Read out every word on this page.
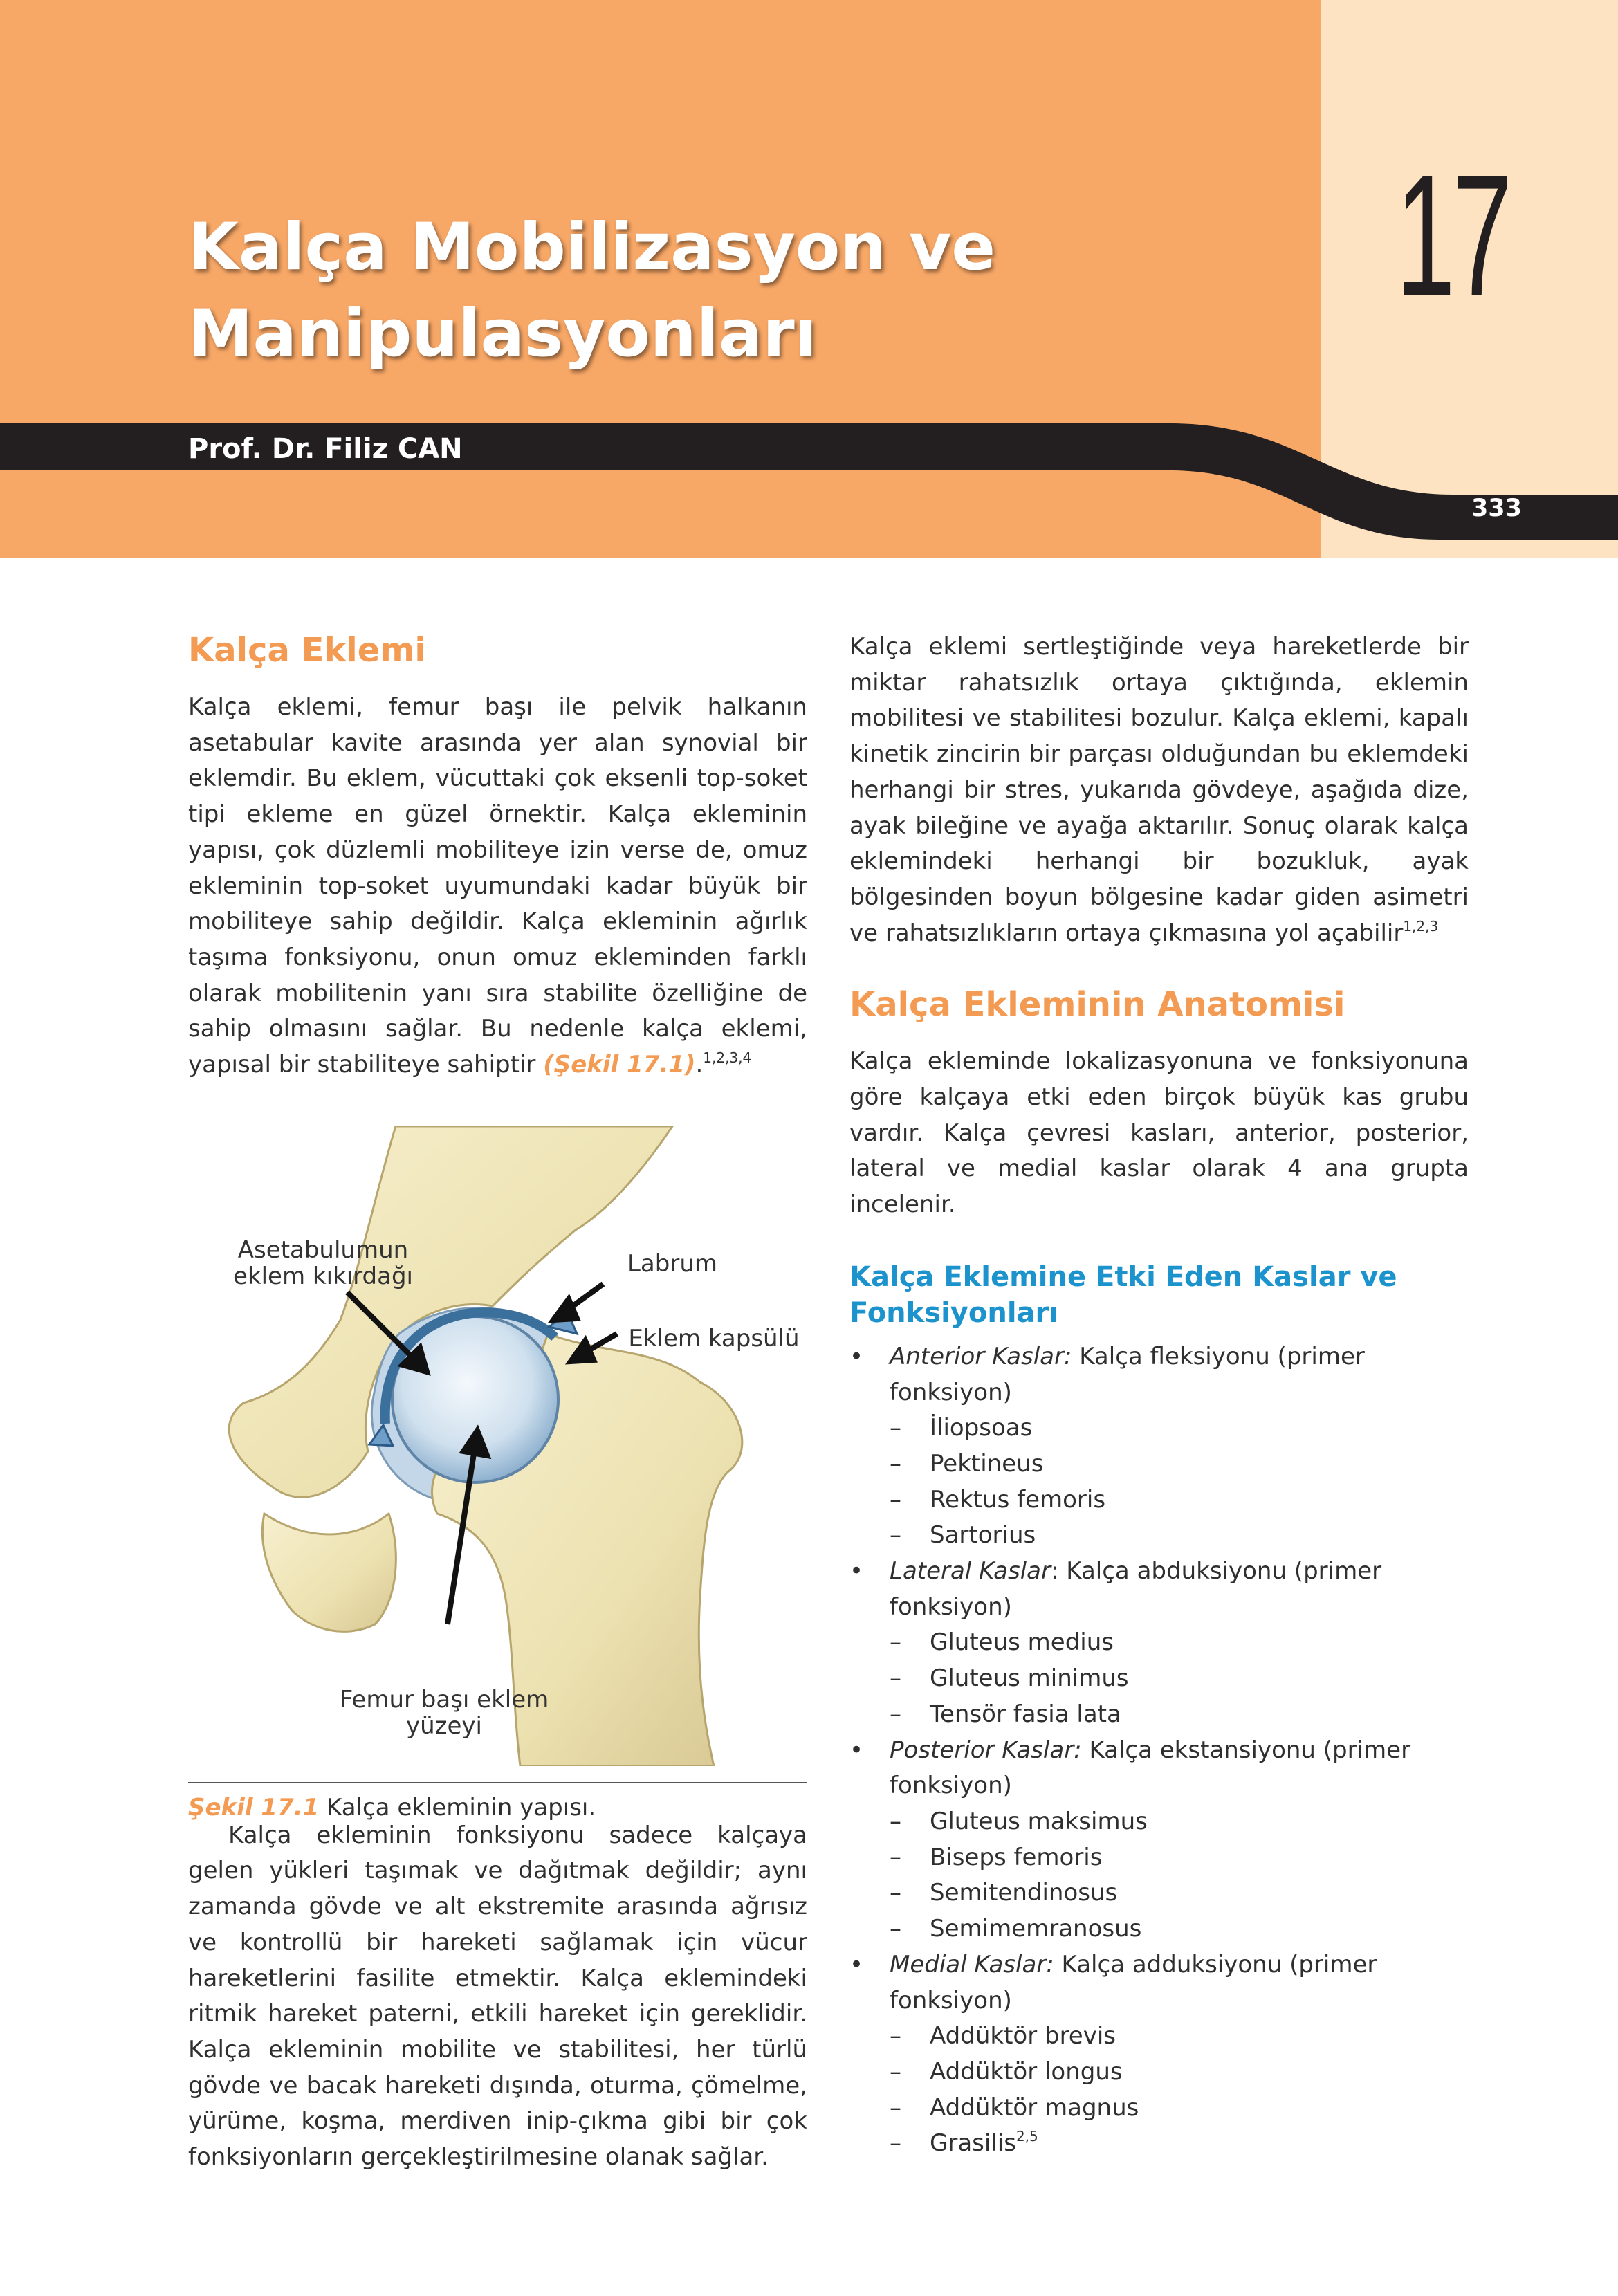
Kalça Mobilizasyon ve
Manipulasyonları
17

Prof. Dr. Filiz CAN

333
Kalça Eklemi

Kalça eklemi, femur başı ile pelvik halkanın asetabular kavite arasında yer alan synovial bir eklemdir. Bu eklem, vücuttaki çok eksenli top-soket tipi ekleme en güzel örnektir. Kalça ekleminin yapısı, çok düzlemli mobiliteye izin verse de, omuz ekleminin top-soket uyumundaki kadar büyük bir mobiliteye sahip değildir. Kalça ekleminin ağırlık taşıma fonksiyonu, onun omuz ekleminden farklı olarak mobilitenin yanı sıra stabilite özelliğine de sahip olmasını sağlar. Bu nedenle kalça eklemi, yapısal bir stabiliteye sahiptir (Şekil 17.1).$^{1,2,3,4}$

Asetabulumun
eklem kıkırdağı	Labrum

Eklem kapsülü

Femur başı eklem
yüzeyi

Şekil 17.1 Kalça ekleminin yapısı.

Kalça ekleminin fonksiyonu sadece kalçaya gelen yükleri taşımak ve dağıtmak değildir; aynı zamanda gövde ve alt ekstremite arasında ağrısız ve kontrollü bir hareketi sağlamak için vücur hareketlerini fasilite etmektir. Kalça eklemindeki ritmik hareket paterni, etkili hareket için gereklidir. Kalça ekleminin mobilite ve stabilitesi, her türlü gövde ve bacak hareketi dışında, oturma, çömelme, yürüme, koşma, merdiven inip-çıkma gibi bir çok fonksiyonların gerçekleştirilmesine olanak sağlar.

Kalça eklemi sertleştiğinde veya hareketlerde bir miktar rahatsızlık ortaya çıktığında, eklemin mobilitesi ve stabilitesi bozulur. Kalça eklemi, kapalı kinetik zincirin bir parçası olduğundan bu eklemdeki herhangi bir stres, yukarıda gövdeye, aşağıda dize, ayak bileğine ve ayağa aktarılır. Sonuç olarak kalça eklemindeki herhangi bir bozukluk, ayak bölgesinden boyun bölgesine kadar giden asimetri ve rahatsızlıkların ortaya çıkmasına yol açabilir$^{1,2,3}$

Kalça Ekleminin Anatomisi

Kalça ekleminde lokalizasyonuna ve fonksiyonuna göre kalçaya etki eden birçok büyük kas grubu vardır. Kalça çevresi kasları, anterior, posterior, lateral ve medial kaslar olarak 4 ana grupta incelenir.

Kalça Eklemine Etki Eden Kaslar ve Fonksiyonları
• Anterior Kaslar: Kalça fleksiyonu (primer fonksiyon)
– İliopsoas
– Pektineus
– Rektus femoris
– Sartorius
• Lateral Kaslar: Kalça abduksiyonu (primer fonksiyon)
– Gluteus medius
– Gluteus minimus
– Tensör fasia lata
• Posterior Kaslar: Kalça ekstansiyonu (primer fonksiyon)
– Gluteus maksimus
– Biseps femoris
– Semitendinosus
– Semimemranosus
• Medial Kaslar: Kalça adduksiyonu (primer fonksiyon)
– Addüktör brevis
– Addüktör longus
– Addüktör magnus
– Grasilis$^{2,5}$
